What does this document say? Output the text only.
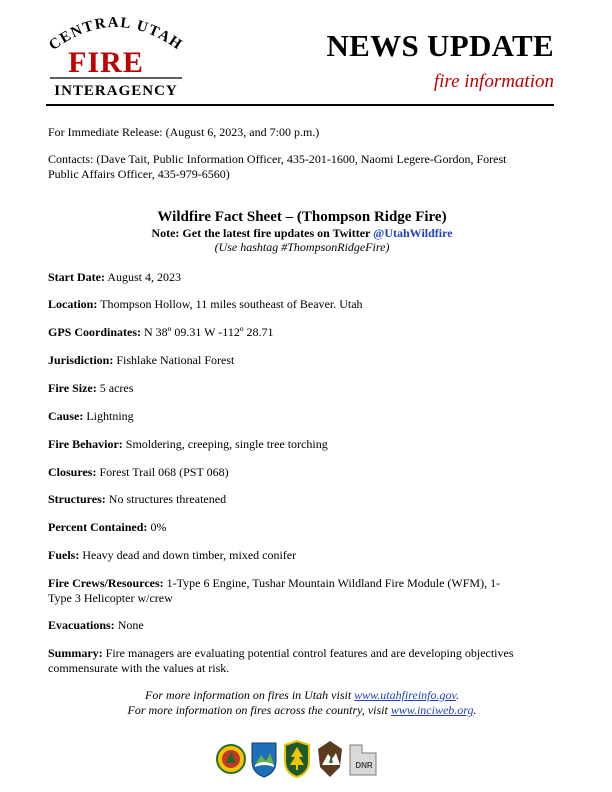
CENTRAL UTAH
FIRE
INTERAGENCY
NEWS UPDATE
fire information
For Immediate Release: (August 6, 2023, and 7:00 p.m.)
Contacts: (Dave Tait, Public Information Officer, 435-201-1600, Naomi Legere-Gordon, Forest
Public Affairs Officer, 435-979-6560)
Wildfire Fact Sheet – (Thompson Ridge Fire)
Note: Get the latest fire updates on Twitter @UtahWildfire
(Use hashtag #ThompsonRidgeFire)
Start Date: August 4, 2023
Location: Thompson Hollow, 11 miles southeast of Beaver. Utah
GPS Coordinates: N 38º 09.31 W -112º 28.71
Jurisdiction: Fishlake National Forest
Fire Size: 5 acres
Cause: Lightning
Fire Behavior: Smoldering, creeping, single tree torching
Closures: Forest Trail 068 (PST 068)
Structures: No structures threatened
Percent Contained: 0%
Fuels: Heavy dead and down timber, mixed conifer
Fire Crews/Resources: 1-Type 6 Engine, Tushar Mountain Wildland Fire Module (WFM), 1-
Type 3 Helicopter w/crew
Evacuations: None
Summary: Fire managers are evaluating potential control features and are developing objectives
commensurate with the values at risk.
For more information on fires in Utah visit www.utahfireinfo.gov.
For more information on fires across the country, visit www.inciweb.org.
DNR
